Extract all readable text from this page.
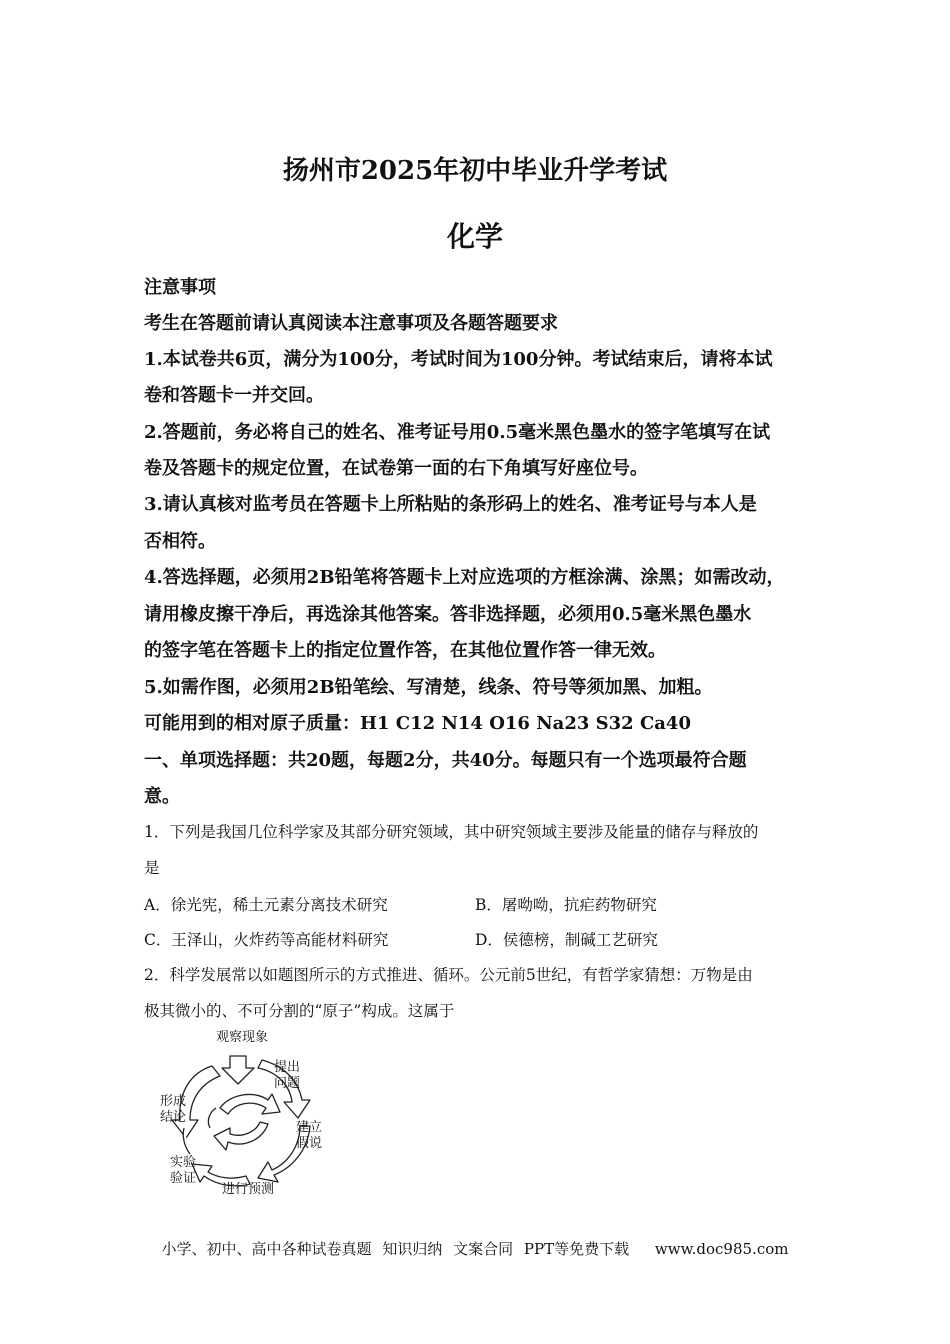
扬州市2025年初中毕业升学考试
化学
注意事项
考生在答题前请认真阅读本注意事项及各题答题要求
1.本试卷共6页，满分为100分，考试时间为100分钟。考试结束后，请将本试
卷和答题卡一并交回。
2.答题前，务必将自己的姓名、准考证号用0.5毫米黑色墨水的签字笔填写在试
卷及答题卡的规定位置，在试卷第一面的右下角填写好座位号。
3.请认真核对监考员在答题卡上所粘贴的条形码上的姓名、准考证号与本人是
否相符。
4.答选择题，必须用2B铅笔将答题卡上对应选项的方框涂满、涂黑；如需改动，
请用橡皮擦干净后，再选涂其他答案。答非选择题，必须用0.5毫米黑色墨水
的签字笔在答题卡上的指定位置作答，在其他位置作答一律无效。
5.如需作图，必须用2B铅笔绘、写清楚，线条、符号等须加黑、加粗。
可能用到的相对原子质量：H1 C12 N14 O16 Na23 S32 Ca40
一、单项选择题：共20题，每题2分，共40分。每题只有一个选项最符合题
意。
1．下列是我国几位科学家及其部分研究领域，其中研究领域主要涉及能量的储存与释放的
是
A．徐光宪，稀土元素分离技术研究	B．屠呦呦，抗疟药物研究
C．王泽山，火炸药等高能材料研究	D．侯德榜，制碱工艺研究
2．科学发展常以如题图所示的方式推进、循环。公元前5世纪，有哲学家猜想：万物是由
极其微小的、不可分割的“原子”构成。这属于
观察现象
提出
问题
建立
假说
进行预测
实验
验证
形成
结论
小学、初中、高中各种试卷真题 知识归纳 文案合同 PPT等免费下载 www.doc985.com
